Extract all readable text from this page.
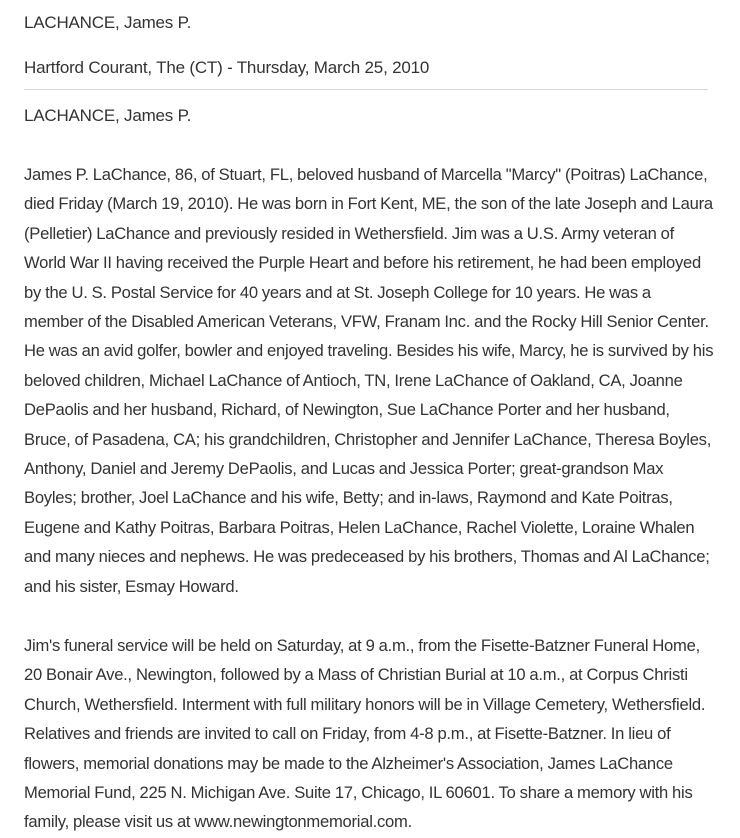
LACHANCE, James P.

Hartford Courant, The (CT) - Thursday, March 25, 2010

LACHANCE, James P.

James P. LaChance, 86, of Stuart, FL, beloved husband of Marcella "Marcy" (Poitras) LaChance, died Friday (March 19, 2010). He was born in Fort Kent, ME, the son of the late Joseph and Laura (Pelletier) LaChance and previously resided in Wethersfield. Jim was a U.S. Army veteran of World War II having received the Purple Heart and before his retirement, he had been employed by the U. S. Postal Service for 40 years and at St. Joseph College for 10 years. He was a member of the Disabled American Veterans, VFW, Franam Inc. and the Rocky Hill Senior Center. He was an avid golfer, bowler and enjoyed traveling. Besides his wife, Marcy, he is survived by his beloved children, Michael LaChance of Antioch, TN, Irene LaChance of Oakland, CA, Joanne DePaolis and her husband, Richard, of Newington, Sue LaChance Porter and her husband, Bruce, of Pasadena, CA; his grandchildren, Christopher and Jennifer LaChance, Theresa Boyles, Anthony, Daniel and Jeremy DePaolis, and Lucas and Jessica Porter; great-grandson Max Boyles; brother, Joel LaChance and his wife, Betty; and in-laws, Raymond and Kate Poitras, Eugene and Kathy Poitras, Barbara Poitras, Helen LaChance, Rachel Violette, Loraine Whalen and many nieces and nephews. He was predeceased by his brothers, Thomas and Al LaChance; and his sister, Esmay Howard.

Jim's funeral service will be held on Saturday, at 9 a.m., from the Fisette-Batzner Funeral Home, 20 Bonair Ave., Newington, followed by a Mass of Christian Burial at 10 a.m., at Corpus Christi Church, Wethersfield. Interment with full military honors will be in Village Cemetery, Wethersfield. Relatives and friends are invited to call on Friday, from 4-8 p.m., at Fisette-Batzner. In lieu of flowers, memorial donations may be made to the Alzheimer's Association, James LaChance Memorial Fund, 225 N. Michigan Ave. Suite 17, Chicago, IL 60601. To share a memory with his family, please visit us at www.newingtonmemorial.com.
